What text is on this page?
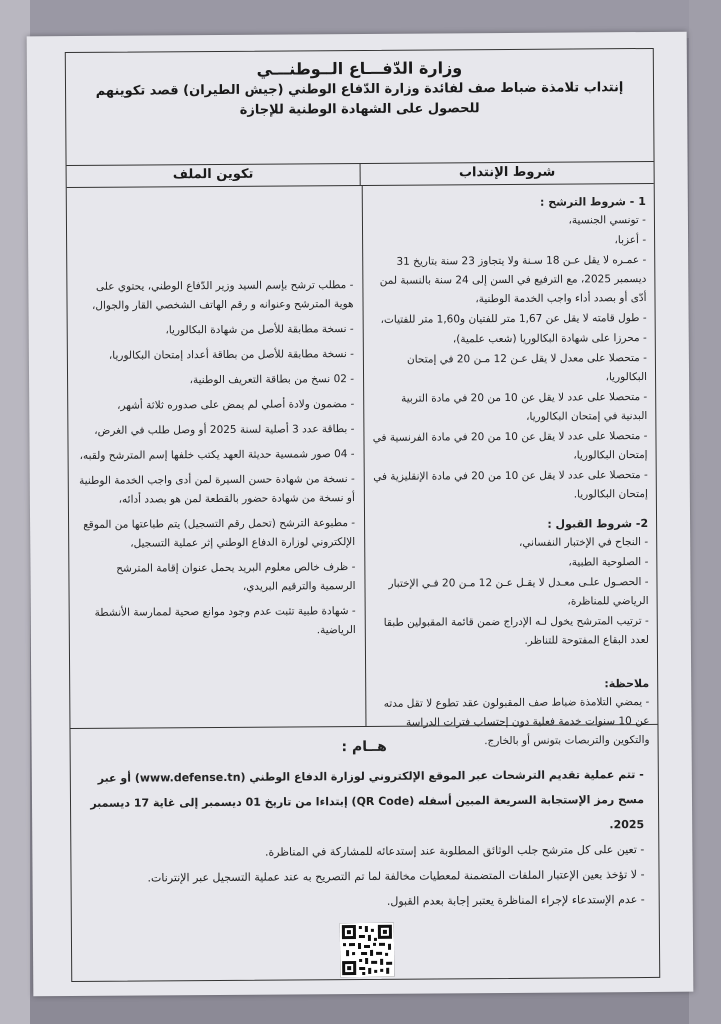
وزارة الدّفـــاع الــوطنـــي
إنتداب تلامذة ضباط صف لفائدة وزارة الدّفاع الوطني (جيش الطيران) قصد تكوينهم للحصول على الشهادة الوطنية للإجازة
شروط الإنتداب
تكوين الملف
1 - شروط الترشح :
- تونسي الجنسية،
- أعزبا،
- عمـره لا يقل عـن 18 سـنة ولا يتجاوز 23 سنة بتاريخ 31 ديسمبر 2025، مع الترفيع في السن إلى 24 سنة بالنسبة لمن أدّى أو بصدد أداء واجب الخدمة الوطنية،
- طول قامته لا يقل عن 1,67 متر للفتيان و1,60 متر للفتيات،
- محرزا على شهادة البكالوريا (شعب علمية)،
- متحصلا على معدل لا يقل عـن 12 مـن 20 في إمتحان البكالوريا،
- متحصلا على عدد لا يقل عن 10 من 20 في مادة التربية البدنية في إمتحان البكالوريا،
- متحصلا على عدد لا يقل عن 10 من 20 في مادة الفرنسية في إمتحان البكالوريا،
- متحصلا على عدد لا يقل عن 10 من 20 في مادة الإنقليزية في إمتحان البكالوريا.
2- شروط القبول :
- النجاح في الإختبار النفساني،
- الصلوحية الطبية،
- الحصـول علـى معـدل لا يقـل عـن 12 مـن 20 فـي الإختبار الرياضي للمناظرة،
- ترتيب المترشح يخول لـه الإدراج ضمن قائمة المقبولين طبقا لعدد البقاع المفتوحة للتناظر.
ملاحظة:
- يمضي التلامذة ضباط صف المقبولون عقد تطوع لا تقل مدته عن 10 سنوات خدمة فعلية دون إحتساب فترات الدراسة والتكوين والتربصات بتونس أو بالخارج.
- مطلب ترشح بإسم السيد وزير الدّفاع الوطني، يحتوي على هوية المترشح وعنوانه و رقم الهاتف الشخصي القار والجوال،
- نسخة مطابقة للأصل من شهادة البكالوريا،
- نسخة مطابقة للأصل من بطاقة أعداد إمتحان البكالوريا،
- 02 نسخ من بطاقة التعريف الوطنية،
- مضمون ولادة أصلي لم يمض على صدوره ثلاثة أشهر،
- بطاقة عدد 3 أصلية لسنة 2025 أو وصل طلب في الغرض،
- 04 صور شمسية حديثة العهد يكتب خلفها إسم المترشح ولقبه،
- نسخة من شهادة حسن السيرة لمن أدى واجب الخدمة الوطنية أو نسخة من شهادة حضور بالقطعة لمن هو بصدد أدائه،
- مطبوعة الترشح (تحمل رقم التسجيل) يتم طباعتها من الموقع الإلكتروني لوزارة الدفاع الوطني إثر عملية التسجيل،
- ظرف خالص معلوم البريد يحمل عنوان إقامة المترشح الرسمية والترقيم البريدي،
- شهادة طبية تثبت عدم وجود موانع صحية لممارسة الأنشطة الرياضية.
هــام :
- تتم عملية تقديم الترشحات عبر الموقع الإلكتروني لوزارة الدفاع الوطني (www.defense.tn) أو عبر مسح رمز الإستجابة السريعة المبين أسفله (QR Code) إبتداءا من تاريخ 01 ديسمبر إلى غاية 17 ديسمبر 2025.
- تعين على كل مترشح جلب الوثائق المطلوبة عند إستدعائه للمشاركة في المناظرة.
- لا تؤخذ بعين الإعتبار الملفات المتضمنة لمعطيات مخالفة لما تم التصريح به عند عملية التسجيل عبر الإنترنات.
- عدم الإستدعاء لإجراء المناظرة يعتبر إجابة بعدم القبول.
